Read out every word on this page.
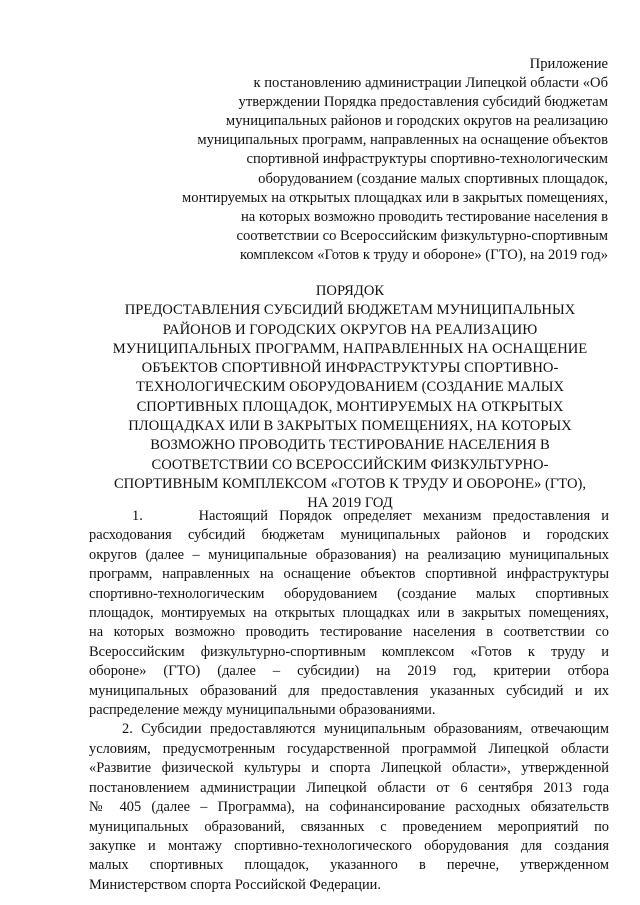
Приложение
к постановлению администрации Липецкой области «Об
утверждении Порядка предоставления субсидий бюджетам
муниципальных районов и городских округов на реализацию
муниципальных программ, направленных на оснащение объектов
спортивной инфраструктуры спортивно-технологическим
оборудованием (создание малых спортивных площадок,
монтируемых на открытых площадках или в закрытых помещениях,
на которых возможно проводить тестирование населения в
соответствии со Всероссийским физкультурно-спортивным
комплексом «Готов к труду и обороне» (ГТО), на 2019 год»
ПОРЯДОК
ПРЕДОСТАВЛЕНИЯ СУБСИДИЙ БЮДЖЕТАМ МУНИЦИПАЛЬНЫХ
РАЙОНОВ И ГОРОДСКИХ ОКРУГОВ НА РЕАЛИЗАЦИЮ
МУНИЦИПАЛЬНЫХ ПРОГРАММ, НАПРАВЛЕННЫХ НА ОСНАЩЕНИЕ
ОБЪЕКТОВ СПОРТИВНОЙ ИНФРАСТРУКТУРЫ СПОРТИВНО-
ТЕХНОЛОГИЧЕСКИМ ОБОРУДОВАНИЕМ (СОЗДАНИЕ МАЛЫХ
СПОРТИВНЫХ ПЛОЩАДОК, МОНТИРУЕМЫХ НА ОТКРЫТЫХ
ПЛОЩАДКАХ ИЛИ В ЗАКРЫТЫХ ПОМЕЩЕНИЯХ, НА КОТОРЫХ
ВОЗМОЖНО ПРОВОДИТЬ ТЕСТИРОВАНИЕ НАСЕЛЕНИЯ В
СООТВЕТСТВИИ СО ВСЕРОССИЙСКИМ ФИЗКУЛЬТУРНО-
СПОРТИВНЫМ КОМПЛЕКСОМ «ГОТОВ К ТРУДУ И ОБОРОНЕ» (ГТО),
НА 2019 ГОД
1.     Настоящий Порядок определяет механизм предоставления и
расходования субсидий бюджетам муниципальных районов и городских
округов (далее – муниципальные образования) на реализацию муниципальных
программ, направленных на оснащение объектов спортивной инфраструктуры
спортивно-технологическим оборудованием (создание малых спортивных
площадок, монтируемых на открытых площадках или в закрытых помещениях,
на которых возможно проводить тестирование населения в соответствии со
Всероссийским физкультурно-спортивным комплексом «Готов к труду и
обороне» (ГТО) (далее – субсидии) на 2019 год, критерии отбора
муниципальных образований для предоставления указанных субсидий и их
распределение между муниципальными образованиями.
2. Субсидии предоставляются муниципальным образованиям, отвечающим
условиям, предусмотренным государственной программой Липецкой области
«Развитие физической культуры и спорта Липецкой области», утвержденной
постановлением администрации Липецкой области от 6 сентября 2013 года
№ 405 (далее – Программа), на софинансирование расходных обязательств
муниципальных образований, связанных с проведением мероприятий по
закупке и монтажу спортивно-технологического оборудования для создания
малых спортивных площадок, указанного в перечне, утвержденном
Министерством спорта Российской Федерации.
